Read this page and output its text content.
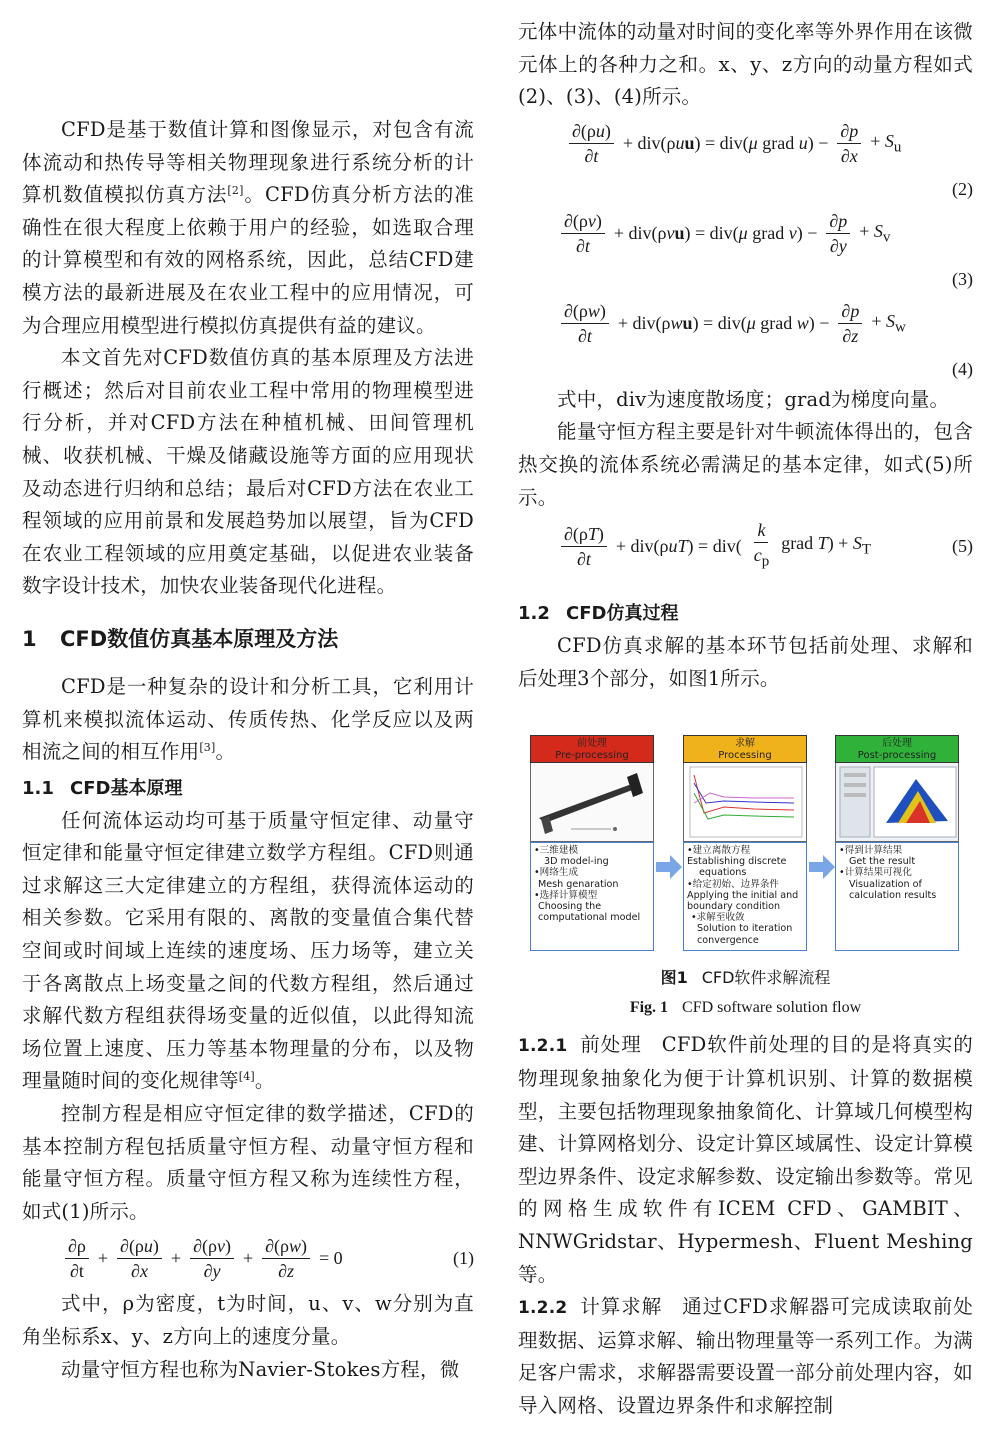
CFD是基于数值计算和图像显示，对包含有流体流动和热传导等相关物理现象进行系统分析的计算机数值模拟仿真方法[2]。CFD仿真分析方法的准确性在很大程度上依赖于用户的经验，如选取合理的计算模型和有效的网格系统，因此，总结CFD建模方法的最新进展及在农业工程中的应用情况，可为合理应用模型进行模拟仿真提供有益的建议。

本文首先对CFD数值仿真的基本原理及方法进行概述；然后对目前农业工程中常用的物理模型进行分析，并对CFD方法在种植机械、田间管理机械、收获机械、干燥及储藏设施等方面的应用现状及动态进行归纳和总结；最后对CFD方法在农业工程领域的应用前景和发展趋势加以展望，旨为CFD在农业工程领域的应用奠定基础，以促进农业装备数字设计技术，加快农业装备现代化进程。

1 CFD数值仿真基本原理及方法

CFD是一种复杂的设计和分析工具，它利用计算机来模拟流体运动、传质传热、化学反应以及两相流之间的相互作用[3]。

1.1 CFD基本原理

任何流体运动均可基于质量守恒定律、动量守恒定律和能量守恒定律建立数学方程组。CFD则通过求解这三大定律建立的方程组，获得流体运动的相关参数。它采用有限的、离散的变量值合集代替空间或时间域上连续的速度场、压力场等，建立关于各离散点上场变量之间的代数方程组，然后通过求解代数方程组获得场变量的近似值，以此得知流场位置上速度、压力等基本物理量的分布，以及物理量随时间的变化规律等[4]。

控制方程是相应守恒定律的数学描述，CFD的基本控制方程包括质量守恒方程、动量守恒方程和能量守恒方程。质量守恒方程又称为连续性方程，如式(1)所示。

$\frac{\partial\rho}{\partial t} + \frac{\partial(\rho u)}{\partial x} + \frac{\partial(\rho v)}{\partial y} + \frac{\partial(\rho w)}{\partial z} = 0$	(1)

式中，ρ为密度，t为时间，u、v、w分别为直角坐标系x、y、z方向上的速度分量。

动量守恒方程也称为Navier-Stokes方程，微

元体中流体的动量对时间的变化率等外界作用在该微元体上的各种力之和。x、y、z方向的动量方程如式(2)、(3)、(4)所示。

$\frac{\partial(\rho u)}{\partial t} + div(\rho uu) = div(\mu$ grad $u) - \frac{\partial p}{\partial x} + S_u$
(2)
$\frac{\partial(\rho v)}{\partial t} + div(\rho vu) = div(\mu$ grad $v) - \frac{\partial p}{\partial y} + S_v$
(3)
$\frac{\partial(\rho w)}{\partial t} + div(\rho wu) = div(\mu$ grad $w) - \frac{\partial p}{\partial z} + S_w$
(4)

式中，div为速度散场度；grad为梯度向量。

能量守恒方程主要是针对牛顿流体得出的，包含热交换的流体系统必需满足的基本定律，如式(5)所示。

$\frac{\partial(\rho T)}{\partial t} + div(\rho uT) = div( \frac{k}{c_p}$ grad $T) + S_T$	(5)
1.2 CFD仿真过程

CFD仿真求解的基本环节包括前处理、求解和后处理3个部分，如图1所示。

1.2.1 前处理 CFD软件前处理的目的是将真实的物理现象抽象化为便于计算机识别、计算的数据模型，主要包括物理现象抽象简化、计算域几何模型构建、计算网格划分、设定计算区域属性、设定计算模型边界条件、设定求解参数、设定输出参数等。常见的网格生成软件有ICEM CFD、GAMBIT、NNWGridstar、Hypermesh、Fluent Meshing等。

1.2.2 计算求解 通过CFD求解器可完成读取前处理数据、运算求解、输出物理量等一系列工作。为满足客户需求，求解器需要设置一部分前处理内容，如导入网格、设置边界条件和求解控制

前处理
Pre-processing
•三维建模
3D model-ing
•网络生成
Mesh genaration
•选择计算模型
Choosing the
computational model
求解
Processing
•建立离散方程
Establishing discrete
equations
•给定初始、边界条件
Applying the initial and
boundary condition
•求解至收敛
Solution to iteration
convergence
后处理
Post-processing
•得到计算结果
Get the result
•计算结果可视化
Visualization of
calculation results
图1 CFD软件求解流程
Fig. 1 CFD software solution flow
